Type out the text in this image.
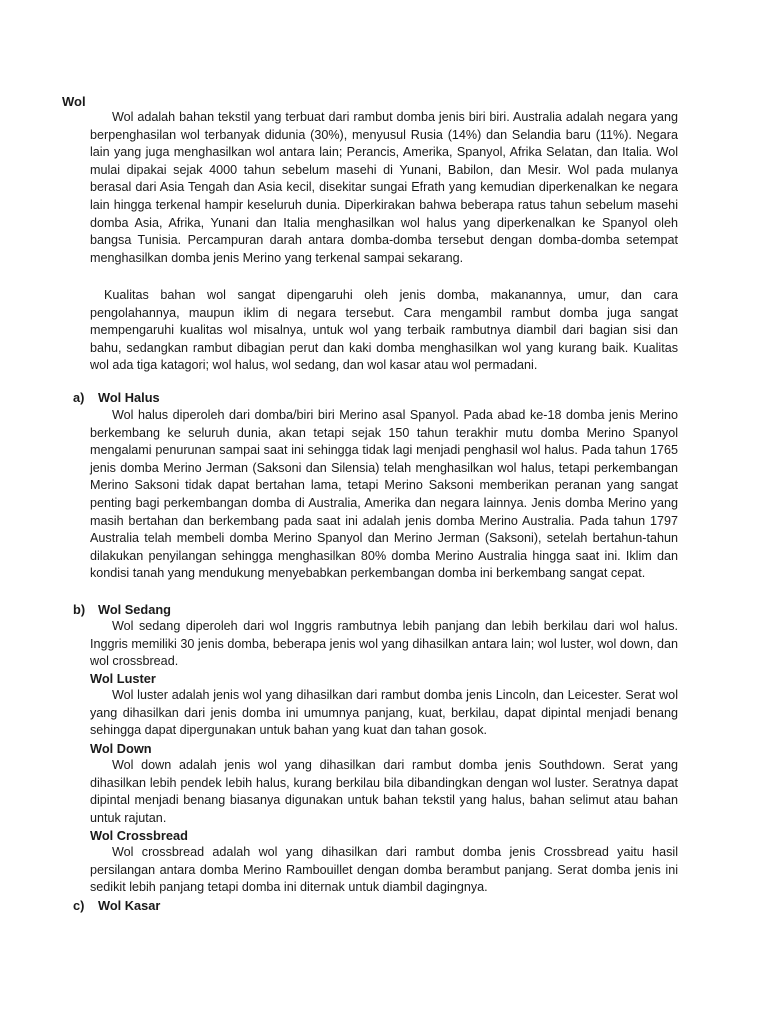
Wol

Wol adalah bahan tekstil yang terbuat dari rambut domba jenis biri biri. Australia adalah negara yang berpenghasilan wol terbanyak didunia (30%), menyusul Rusia (14%) dan Selandia baru (11%). Negara lain yang juga menghasilkan wol antara lain; Perancis, Amerika, Spanyol, Afrika Selatan, dan Italia. Wol mulai dipakai sejak 4000 tahun sebelum masehi di Yunani, Babilon, dan Mesir. Wol pada mulanya berasal dari Asia Tengah dan Asia kecil, disekitar sungai Efrath yang kemudian diperkenalkan ke negara lain hingga terkenal hampir keseluruh dunia. Diperkirakan bahwa beberapa ratus tahun sebelum masehi domba Asia, Afrika, Yunani dan Italia menghasilkan wol halus yang diperkenalkan ke Spanyol oleh bangsa Tunisia. Percampuran darah antara domba-domba tersebut dengan domba-domba setempat menghasilkan domba jenis Merino yang terkenal sampai sekarang.

Kualitas bahan wol sangat dipengaruhi oleh jenis domba, makanannya, umur, dan cara pengolahannya, maupun iklim di negara tersebut. Cara mengambil rambut domba juga sangat mempengaruhi kualitas wol misalnya, untuk wol yang terbaik rambutnya diambil dari bagian sisi dan bahu, sedangkan rambut dibagian perut dan kaki domba menghasilkan wol yang kurang baik. Kualitas wol ada tiga katagori; wol halus, wol sedang, dan wol kasar atau wol permadani.

a) Wol Halus

Wol halus diperoleh dari domba/biri biri Merino asal Spanyol. Pada abad ke-18 domba jenis Merino berkembang ke seluruh dunia, akan tetapi sejak 150 tahun terakhir mutu domba Merino Spanyol mengalami penurunan sampai saat ini sehingga tidak lagi menjadi penghasil wol halus. Pada tahun 1765 jenis domba Merino Jerman (Saksoni dan Silensia) telah menghasilkan wol halus, tetapi perkembangan Merino Saksoni tidak dapat bertahan lama, tetapi Merino Saksoni memberikan peranan yang sangat penting bagi perkembangan domba di Australia, Amerika dan negara lainnya. Jenis domba Merino yang masih bertahan dan berkembang pada saat ini adalah jenis domba Merino Australia. Pada tahun 1797 Australia telah membeli domba Merino Spanyol dan Merino Jerman (Saksoni), setelah bertahun-tahun dilakukan penyilangan sehingga menghasilkan 80% domba Merino Australia hingga saat ini. Iklim dan kondisi tanah yang mendukung menyebabkan perkembangan domba ini berkembang sangat cepat.

b) Wol Sedang

Wol sedang diperoleh dari wol Inggris rambutnya lebih panjang dan lebih berkilau dari wol halus. Inggris memiliki 30 jenis domba, beberapa jenis wol yang dihasilkan antara lain; wol luster, wol down, dan wol crossbread.

Wol Luster

Wol luster adalah jenis wol yang dihasilkan dari rambut domba jenis Lincoln, dan Leicester. Serat wol yang dihasilkan dari jenis domba ini umumnya panjang, kuat, berkilau, dapat dipintal menjadi benang sehingga dapat dipergunakan untuk bahan yang kuat dan tahan gosok.

Wol Down

Wol down adalah jenis wol yang dihasilkan dari rambut domba jenis Southdown. Serat yang dihasilkan lebih pendek lebih halus, kurang berkilau bila dibandingkan dengan wol luster. Seratnya dapat dipintal menjadi benang biasanya digunakan untuk bahan tekstil yang halus, bahan selimut atau bahan untuk rajutan.

Wol Crossbread

Wol crossbread adalah wol yang dihasilkan dari rambut domba jenis Crossbread yaitu hasil persilangan antara domba Merino Rambouillet dengan domba berambut panjang. Serat domba jenis ini sedikit lebih panjang tetapi domba ini diternak untuk diambil dagingnya.

c) Wol Kasar
